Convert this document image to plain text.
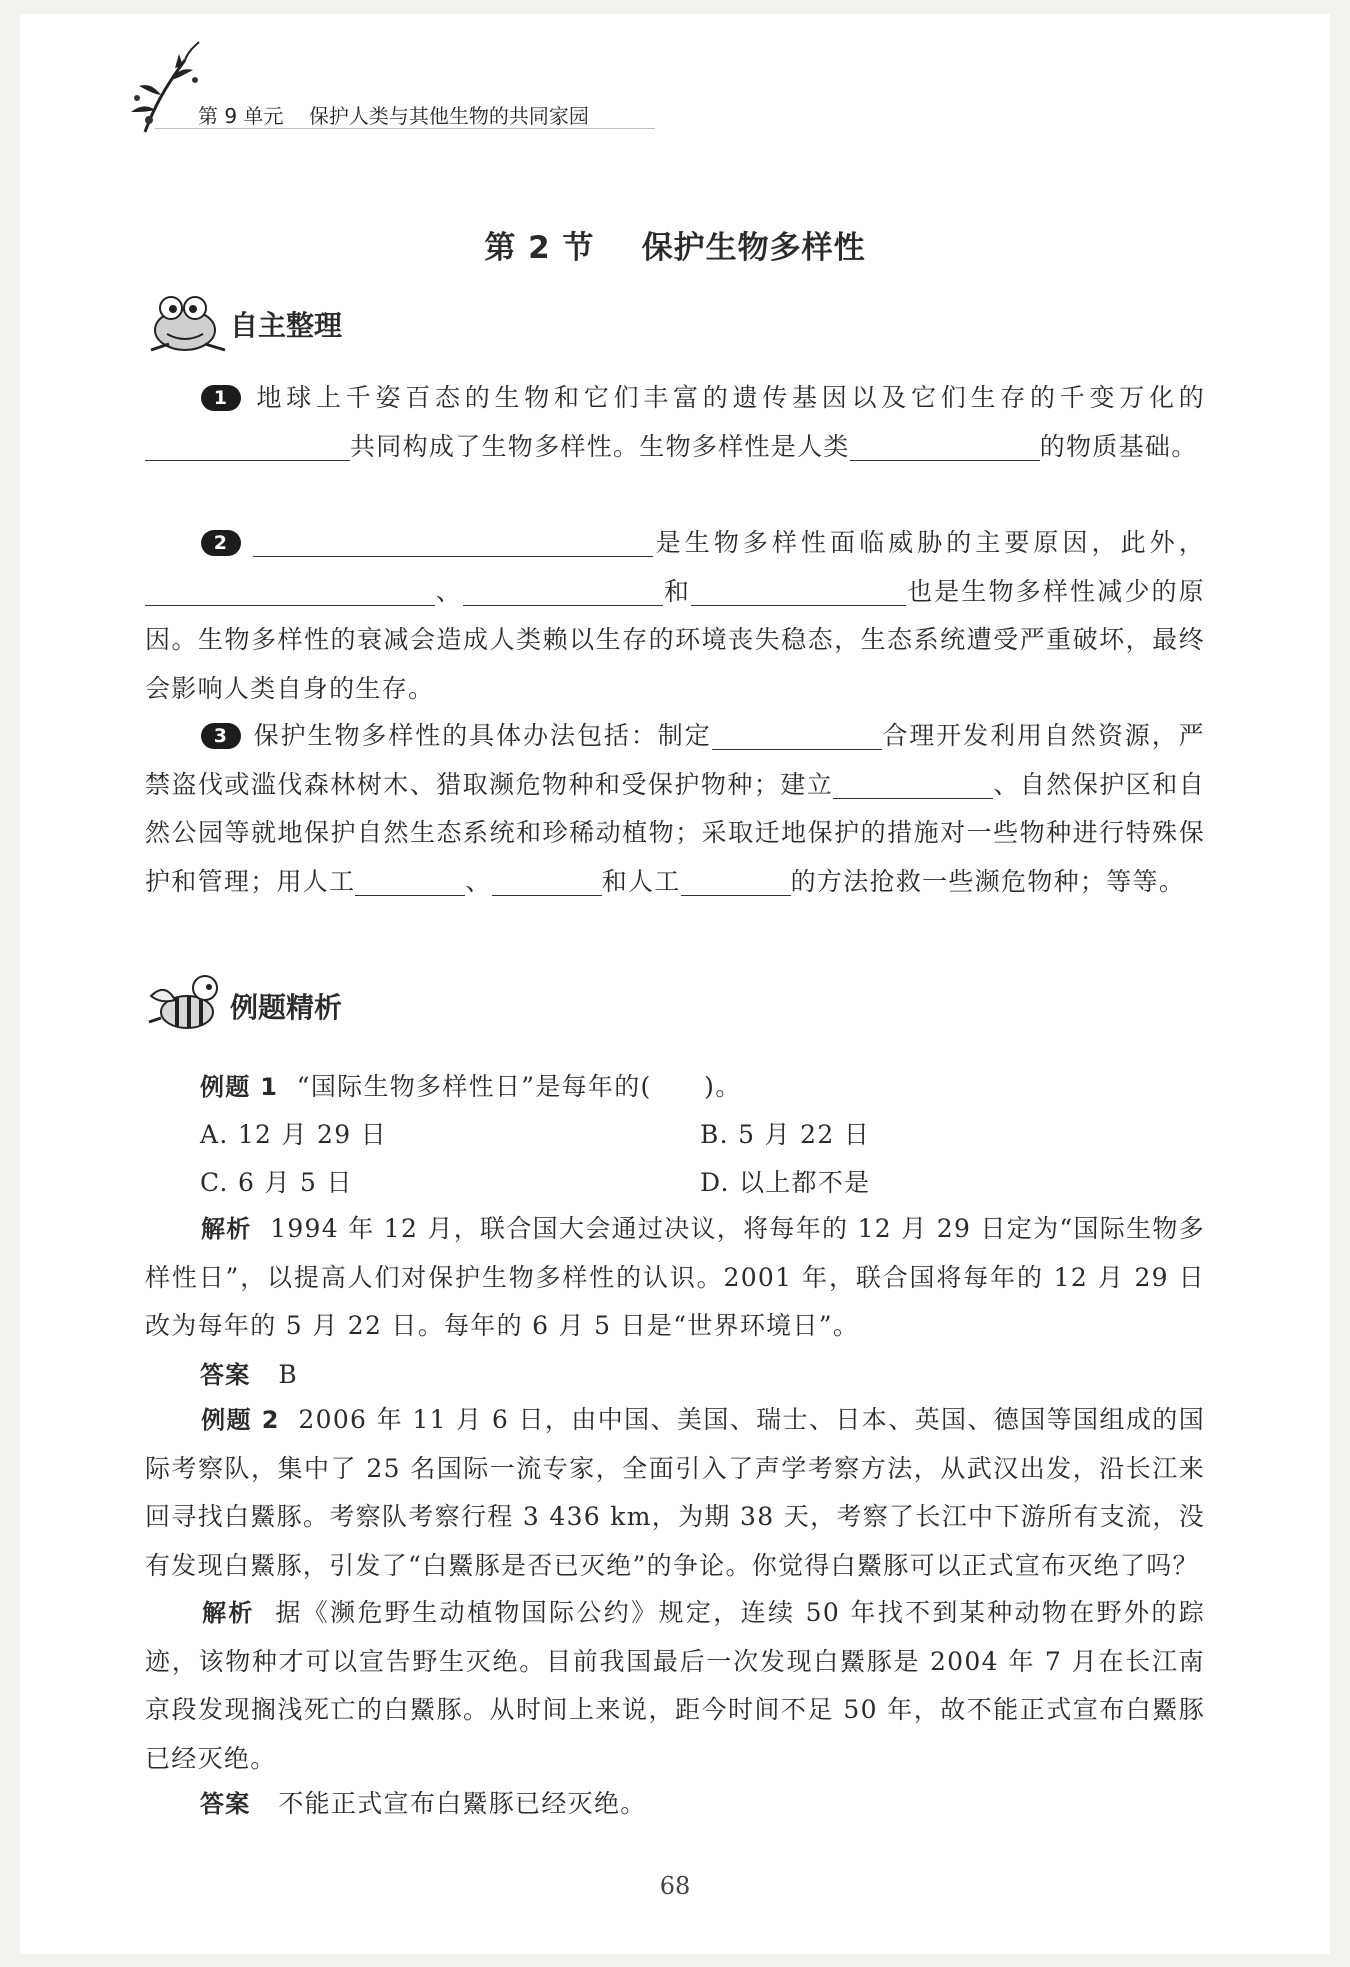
第 9 单元 保护人类与其他生物的共同家园
第 2 节    保护生物多样性
自主整理
1 地球上千姿百态的生物和它们丰富的遗传基因以及它们生存的千变万化的共同构成了生物多样性。生物多样性是人类	的物质基础。
2	是生物多样性面临威胁的主要原因，此外，、	和	也是生物多样性减少的原因。生物多样性的衰减会造成人类赖以生存的环境丧失稳态，生态系统遭受严重破坏，最终会影响人类自身的生存。
3 保护生物多样性的具体办法包括：制定	合理开发利用自然资源，严禁盗伐或滥伐森林树木、猎取濒危物种和受保护物种；建立	、自然保护区和自然公园等就地保护自然生态系统和珍稀动植物；采取迁地保护的措施对一些物种进行特殊保护和管理；用人工	、	和人工	的方法抢救一些濒危物种；等等。
例题精析
例题 1 “国际生物多样性日”是每年的(　　)。
A. 12 月 29 日	B. 5 月 22 日
C. 6 月 5 日	D. 以上都不是
解析 1994 年 12 月，联合国大会通过决议，将每年的 12 月 29 日定为“国际生物多样性日”，以提高人们对保护生物多样性的认识。2001 年，联合国将每年的 12 月 29 日改为每年的 5 月 22 日。每年的 6 月 5 日是“世界环境日”。
答案 B
例题 2 2006 年 11 月 6 日，由中国、美国、瑞士、日本、英国、德国等国组成的国际考察队，集中了 25 名国际一流专家，全面引入了声学考察方法，从武汉出发，沿长江来回寻找白鱀豚。考察队考察行程 3 436 km，为期 38 天，考察了长江中下游所有支流，没有发现白鱀豚，引发了“白鱀豚是否已灭绝”的争论。你觉得白鱀豚可以正式宣布灭绝了吗？
解析 据《濒危野生动植物国际公约》规定，连续 50 年找不到某种动物在野外的踪迹，该物种才可以宣告野生灭绝。目前我国最后一次发现白鱀豚是 2004 年 7 月在长江南京段发现搁浅死亡的白鱀豚。从时间上来说，距今时间不足 50 年，故不能正式宣布白鱀豚已经灭绝。
答案 不能正式宣布白鱀豚已经灭绝。
68
